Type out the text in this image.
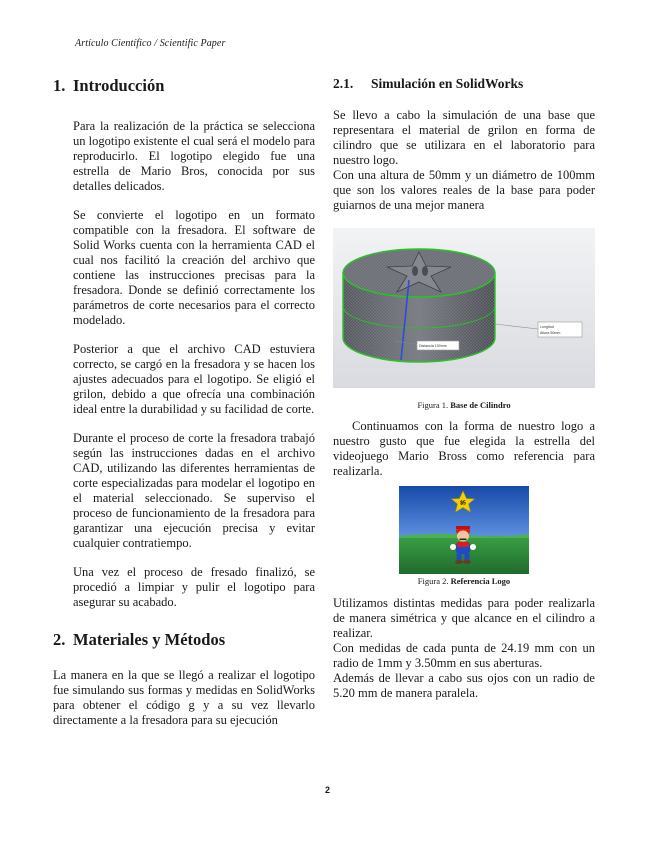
Artículo Científico / Scientific Paper
1. Introducción

Para la realización de la práctica se selecciona un logotipo existente el cual será el modelo para reproducirlo. El logotipo elegido fue una estrella de Mario Bros, conocida por sus detalles delicados.

Se convierte el logotipo en un formato compatible con la fresadora. El software de Solid Works cuenta con la herramienta CAD el cual nos facilitó la creación del archivo que contiene las instrucciones precisas para la fresadora. Donde se definió correctamente los parámetros de corte necesarios para el correcto modelado.

Posterior a que el archivo CAD estuviera correcto, se cargó en la fresadora y se hacen los ajustes adecuados para el logotipo. Se eligió el grilon, debido a que ofrecía una combinación ideal entre la durabilidad y su facilidad de corte.

Durante el proceso de corte la fresadora trabajó según las instrucciones dadas en el archivo CAD, utilizando las diferentes herramientas de corte especializadas para modelar el logotipo en el material seleccionado. Se superviso el proceso de funcionamiento de la fresadora para garantizar una ejecución precisa y evitar cualquier contratiempo.

Una vez el proceso de fresado finalizó, se procedió a limpiar y pulir el logotipo para asegurar su acabado.

2. Materiales y Métodos

La manera en la que se llegó a realizar el logotipo fue simulando sus formas y medidas en SolidWorks para obtener el código g y a su vez llevarlo directamente a la fresadora para su ejecución

2.1. Simulación en SolidWorks

Se llevo a cabo la simulación de una base que representara el material de grilon en forma de cilindro que se utilizara en el laboratorio para nuestro logo.

Con una altura de 50mm y un diámetro de 100mm que son los valores reales de la base para poder guiarnos de una mejor manera

Longitud
Altura 50mm
Distancia 100mm
Figura 1. Base de Cilindro

Continuamos con la forma de nuestro logo a nuestro gusto que fue elegida la estrella del videojuego Mario Bross como referencia para realizarla.

$5
Figura 2. Referencia Logo

Utilizamos distintas medidas para poder realizarla de manera simétrica y que alcance en el cilindro a realizar.

Con medidas de cada punta de 24.19 mm con un radio de 1mm y 3.50mm en sus aberturas.

Además de llevar a cabo sus ojos con un radio de 5.20 mm de manera paralela.

2
